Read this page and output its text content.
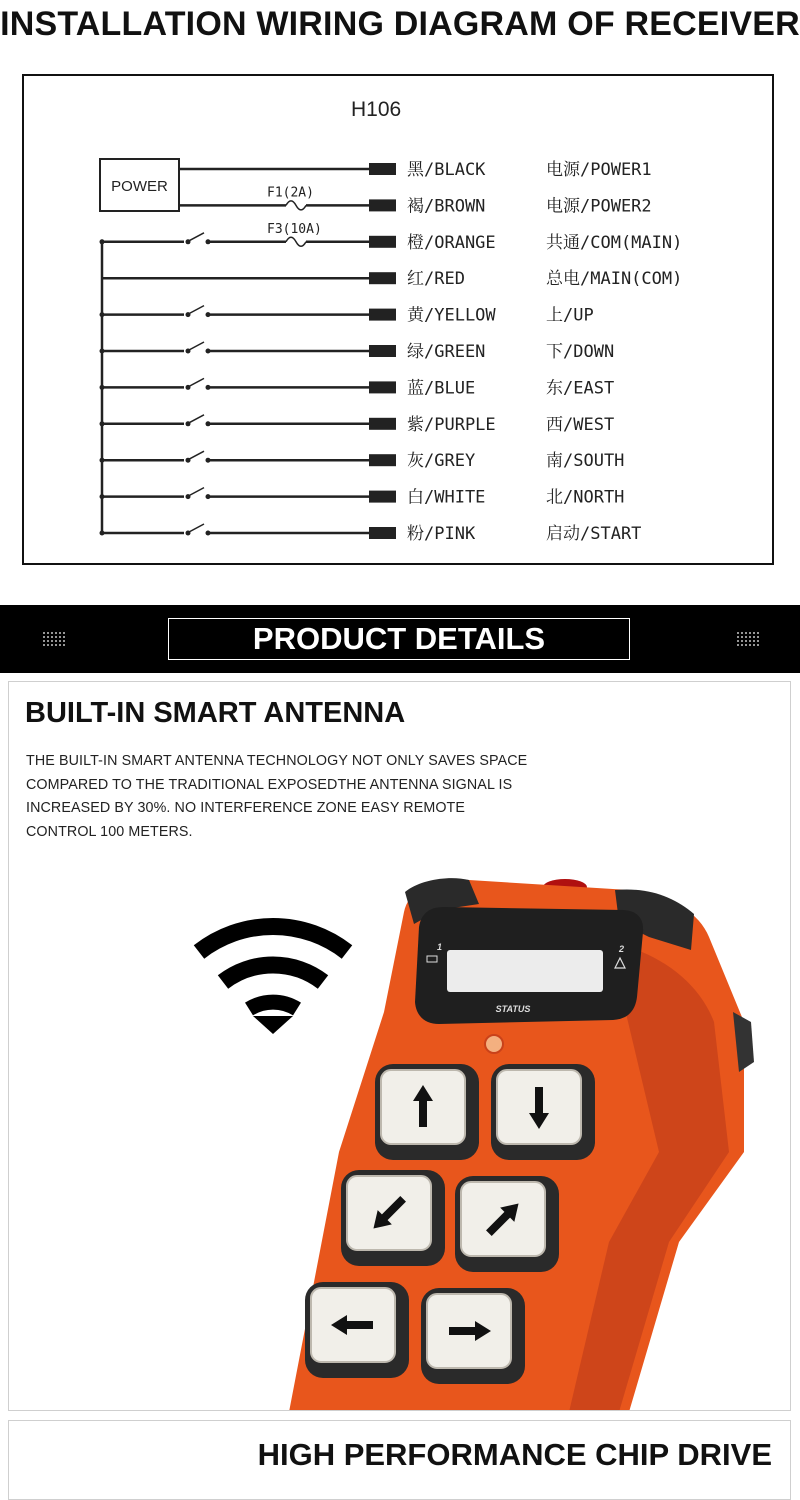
INSTALLATION WIRING DIAGRAM OF RECEIVER
H106
POWER
黑/BLACK	电源/POWER1
F1(2A)
褐/BROWN	电源/POWER2
F3(10A)
橙/ORANGE	共通/COM(MAIN)
红/RED	总电/MAIN(COM)
黄/YELLOW	上/UP
绿/GREEN	下/DOWN
蓝/BLUE	东/EAST
紫/PURPLE	西/WEST
灰/GREY	南/SOUTH
白/WHITE	北/NORTH
粉/PINK	启动/START
PRODUCT DETAILS
BUILT-IN SMART ANTENNA
THE BUILT-IN SMART ANTENNA TECHNOLOGY NOT ONLY SAVES SPACE COMPARED TO THE TRADITIONAL EXPOSEDTHE ANTENNA SIGNAL IS INCREASED BY 30%. NO INTERFERENCE ZONE EASY REMOTE CONTROL 100 METERS.
1	2
STATUS
HIGH PERFORMANCE CHIP DRIVE
